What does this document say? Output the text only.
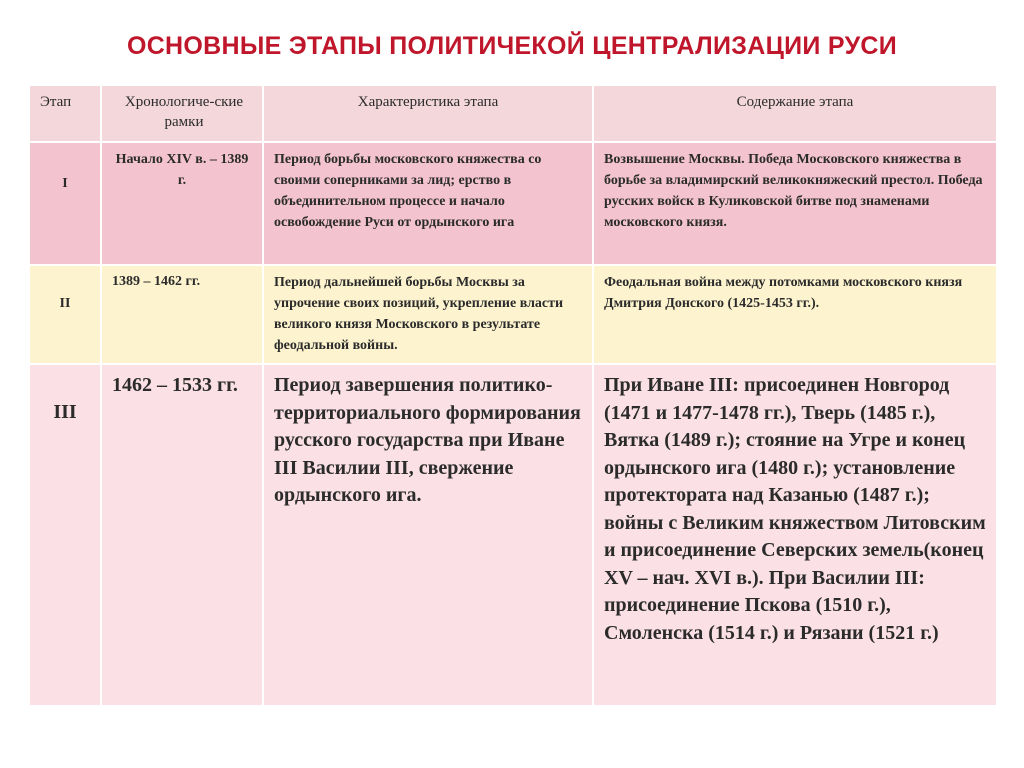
ОСНОВНЫЕ ЭТАПЫ ПОЛИТИЧЕКОЙ ЦЕНТРАЛИЗАЦИИ РУСИ
Этап	Хронологиче-ские рамки	Характеристика этапа	Содержание этапа

I	Начало XIV в. – 1389 г.	Период борьбы московского княжества со своими соперниками за лид; ерство в объединительном процессе и начало освобождение Руси от ордынского ига	Возвышение Москвы. Победа Московского княжества в борьбе за владимирский великокняжеский престол. Победа русских войск в Куликовской битве под знаменами московского князя.

II	1389 – 1462 гг.	Период дальнейшей борьбы Москвы за упрочение своих позиций, укрепление власти великого князя Московского в результате феодальной войны.	Феодальная война между потомками московского князя Дмитрия Донского (1425-1453 гг.).

III	1462 – 1533 гг.	Период завершения политико-территориального формирования русского государства при Иване III Василии III, свержение ордынского ига.	При Иване III: присоединен Новгород (1471 и 1477-1478 гг.), Тверь (1485 г.), Вятка (1489 г.); стояние на Угре и конец ордынского ига (1480 г.); установление протектората над Казанью (1487 г.); войны с Великим княжеством Литовским и присоединение Северских земель(конец XV – нач. XVI в.). При Василии III: присоединение Пскова (1510 г.), Смоленска (1514 г.) и Рязани (1521 г.)
